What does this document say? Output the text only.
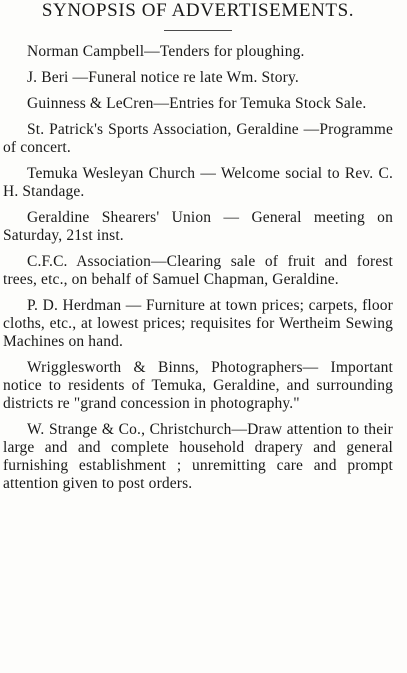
SYNOPSIS OF ADVERTISEMENTS.

Norman Campbell—Tenders for ploughing.

J. Beri —Funeral notice re late Wm. Story.

Guinness & LeCren—Entries for Temuka Stock Sale.

St. Patrick's Sports Association, Geraldine —Programme of concert.

Temuka Wesleyan Church — Welcome social to Rev. C. H. Standage.

Geraldine Shearers' Union — General meeting on Saturday, 21st inst.

C.F.C. Association—Clearing sale of fruit and forest trees, etc., on behalf of Samuel Chapman, Geraldine.

P. D. Herdman — Furniture at town prices; carpets, floor cloths, etc., at lowest prices; requisites for Wertheim Sewing Machines on hand.

Wrigglesworth & Binns, Photographers— Important notice to residents of Temuka, Geraldine, and surrounding districts re "grand concession in photography."

W. Strange & Co., Christchurch—Draw attention to their large and and complete household drapery and general furnishing establishment ; unremitting care and prompt attention given to post orders.
